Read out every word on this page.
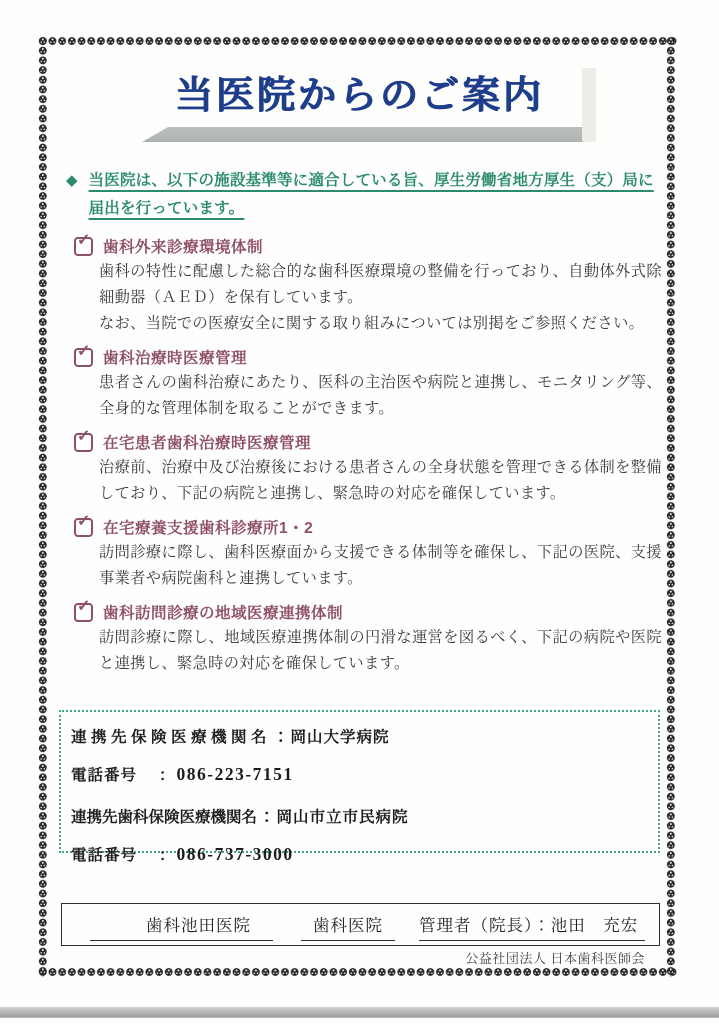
当医院からのご案内
◆ 当医院は、以下の施設基準等に適合している旨、厚生労働省地方厚生（支）局に届出を行っています。
✓ 歯科外来診療環境体制

歯科の特性に配慮した総合的な歯科医療環境の整備を行っており、自動体外式除細動器（ＡＥＤ）を保有しています。

なお、当院での医療安全に関する取り組みについては別掲をご参照ください。

✓ 歯科治療時医療管理

患者さんの歯科治療にあたり、医科の主治医や病院と連携し、モニタリング等、全身的な管理体制を取ることができます。

✓ 在宅患者歯科治療時医療管理

治療前、治療中及び治療後における患者さんの全身状態を管理できる体制を整備しており、下記の病院と連携し、緊急時の対応を確保しています。

✓ 在宅療養支援歯科診療所1・2

訪問診療に際し、歯科医療面から支援できる体制等を確保し、下記の医院、支援事業者や病院歯科と連携しています。

✓ 歯科訪問診療の地域医療連携体制

訪問診療に際し、地域医療連携体制の円滑な運営を図るべく、下記の病院や医院と連携し、緊急時の対応を確保しています。

連携先保険医療機関名 ： 岡山大学病院
電話番号 ： 086-223-7151
連携先歯科保険医療機関名 ： 岡山市立市民病院
電話番号 ： 086-737-3000
歯科池田医院	歯科医院	管理者（院長）：池田　充宏
公益社団法人 日本歯科医師会
